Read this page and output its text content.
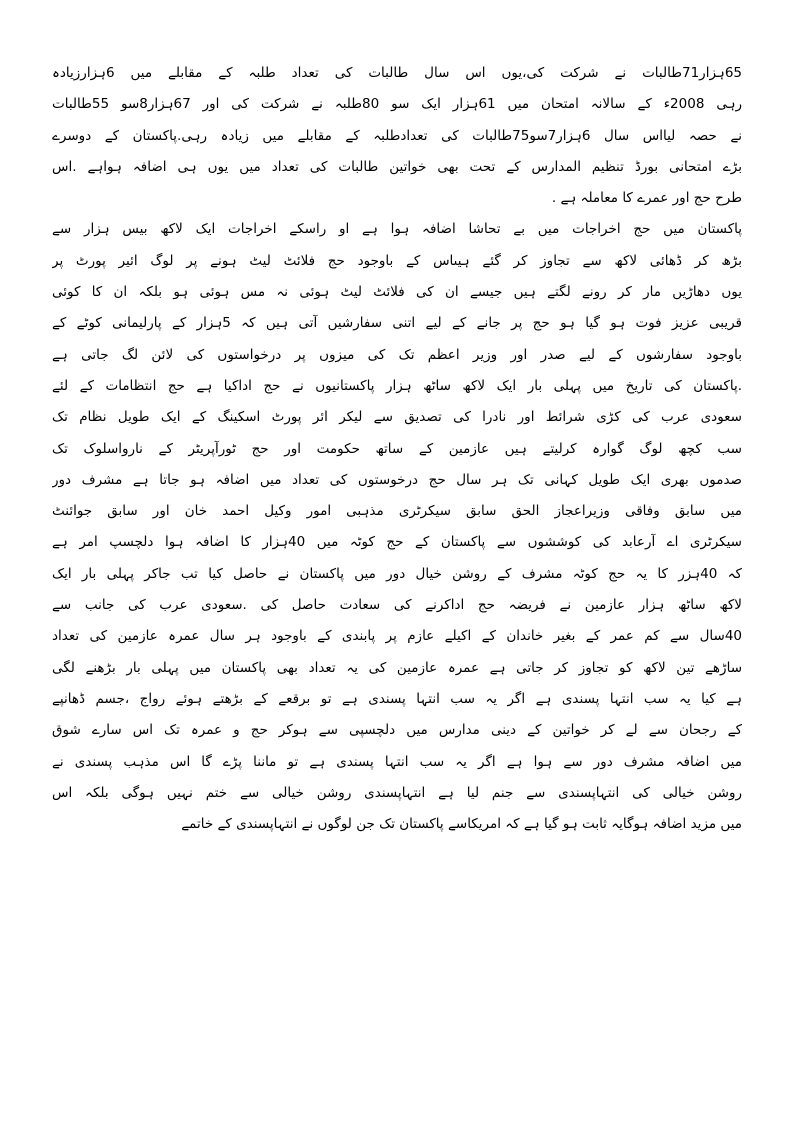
65ہزار71طالبات نے شرکت کی،یوں اس سال طالبات کی تعداد طلبہ کے مقابلے میں 6ہزارزیادہ
رہی 2008ء کے سالانہ امتحان میں 61ہزار ایک سو 80طلبہ نے شرکت کی اور 67ہزار8سو 55طالبات
نے حصہ لیااس سال 6ہزار7سو75طالبات کی تعدادطلبہ کے مقابلے میں زیادہ رہی.پاکستان کے دوسرے
بڑے امتحانی بورڈ تنظیم المدارس کے تحت بھی خواتین طالبات کی تعداد میں یوں ہی اضافہ ہواہے .اس
طرح حج اور عمرے کا معاملہ ہے .
پاکستان میں حج اخراجات میں بے تحاشا اضافہ ہوا ہے او راسکے اخراجات ایک لاکھ بیس ہزار سے
بڑھ کر ڈھائی لاکھ سے تجاوز کر گئے ہیںاس کے باوجود حج فلائٹ لیٹ ہونے پر لوگ ائیر پورٹ پر
یوں دھاڑیں مار کر رونے لگتے ہیں جیسے ان کی فلائٹ لیٹ ہوئی نہ مس ہوئی ہو بلکہ ان کا کوئی
قریبی عزیز فوت ہو گیا ہو حج پر جانے کے لیے اتنی سفارشیں آتی ہیں کہ 5ہزار کے پارلیمانی کوٹے کے
باوجود سفارشوں کے لیے صدر اور وزیر اعظم تک کی میزوں پر درخواستوں کی لائن لگ جاتی ہے
.پاکستان کی تاریخ میں پہلی بار ایک لاکھ ساٹھ ہزار پاکستانیوں نے حج اداکیا ہے حج انتظامات کے لئے
سعودی عرب کی کڑی شرائط اور نادرا کی تصدیق سے لیکر ائر پورٹ اسکینگ کے ایک طویل نظام تک
سب کچھ لوگ گوارہ کرلیتے ہیں عازمین کے ساتھ حکومت اور حج ٹورآپریٹر کے نارواسلوک تک
صدموں بھری ایک طویل کہانی تک ہر سال حج درخوستوں کی تعداد میں اضافہ ہو جاتا ہے مشرف دور
میں سابق وفاقی وزیراعجاز الحق سابق سیکرٹری مذہبی امور وکیل احمد خان اور سابق جوائنٹ
سیکرٹری اے آرعابد کی کوششوں سے پاکستان کے حج کوٹہ میں 40ہزار کا اضافہ ہوا دلچسپ امر ہے
کہ 40ہزر کا یہ حج کوٹہ مشرف کے روشن خیال دور میں پاکستان نے حاصل کیا تب جاکر پہلی بار ایک
لاکھ ساٹھ ہزار عازمین نے فریضہ حج اداکرنے کی سعادت حاصل کی .سعودی عرب کی جانب سے
40سال سے کم عمر کے بغیر خاندان کے اکیلے عازم پر پابندی کے باوجود ہر سال عمرہ عازمین کی تعداد
ساڑھے تین لاکھ کو تجاوز کر جاتی ہے عمرہ عازمین کی یہ تعداد بھی پاکستان میں پہلی بار بڑھنے لگی
ہے کیا یہ سب انتہا پسندی ہے اگر یہ سب انتہا پسندی ہے تو برقعے کے بڑھتے ہوئے رواج ،جسم ڈھانپے
کے رجحان سے لے کر خواتین کے دینی مدارس میں دلچسپی سے ہوکر حج و عمرہ تک اس سارے شوق
میں اضافہ مشرف دور سے ہوا ہے اگر یہ سب انتہا پسندی ہے تو ماننا پڑے گا اس مذہب پسندی نے
روشن خیالی کی انتہاپسندی سے جنم لیا ہے انتہاپسندی روشن خیالی سے ختم نہیں ہوگی بلکہ اس
میں مزید اضافہ ہوگایہ ثابت ہو گیا ہے کہ امریکاسے پاکستان تک جن لوگوں نے انتہاپسندی کے خاتمے
